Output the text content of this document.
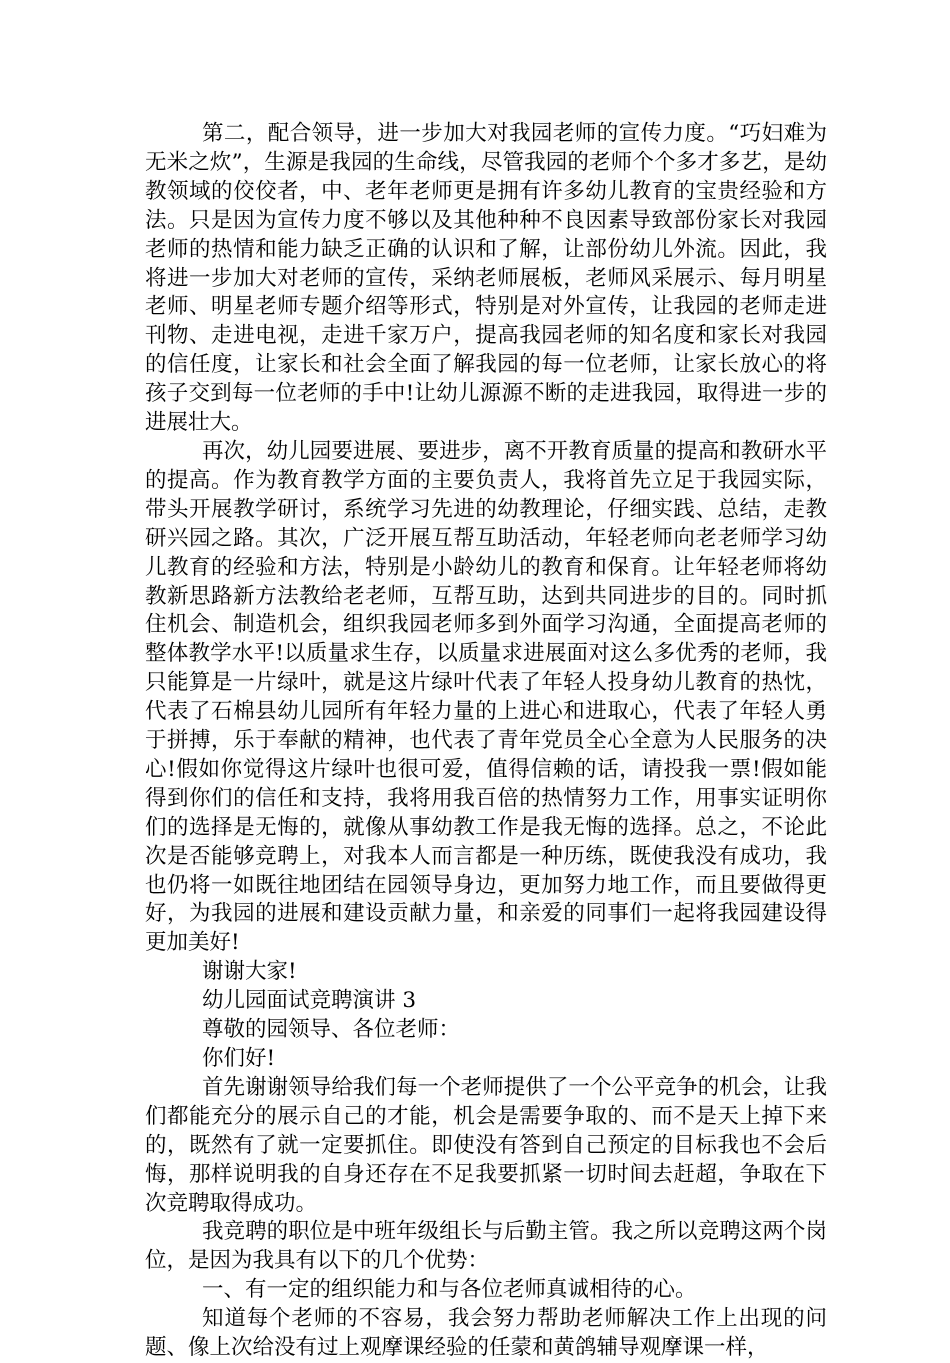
第二，配合领导，进一步加大对我园老师的宣传力度。“巧妇难为无米之炊”，生源是我园的生命线，尽管我园的老师个个多才多艺，是幼教领域的佼佼者，中、老年老师更是拥有许多幼儿教育的宝贵经验和方法。只是因为宣传力度不够以及其他种种不良因素导致部份家长对我园老师的热情和能力缺乏正确的认识和了解，让部份幼儿外流。因此，我将进一步加大对老师的宣传，采纳老师展板，老师风采展示、每月明星老师、明星老师专题介绍等形式，特别是对外宣传，让我园的老师走进刊物、走进电视，走进千家万户，提高我园老师的知名度和家长对我园的信任度，让家长和社会全面了解我园的每一位老师，让家长放心的将孩子交到每一位老师的手中!让幼儿源源不断的走进我园，取得进一步的进展壮大。

再次，幼儿园要进展、要进步，离不开教育质量的提高和教研水平的提高。作为教育教学方面的主要负责人，我将首先立足于我园实际，带头开展教学研讨，系统学习先进的幼教理论，仔细实践、总结，走教研兴园之路。其次，广泛开展互帮互助活动，年轻老师向老老师学习幼儿教育的经验和方法，特别是小龄幼儿的教育和保育。让年轻老师将幼教新思路新方法教给老老师，互帮互助，达到共同进步的目的。同时抓住机会、制造机会，组织我园老师多到外面学习沟通，全面提高老师的整体教学水平!以质量求生存，以质量求进展面对这么多优秀的老师，我只能算是一片绿叶，就是这片绿叶代表了年轻人投身幼儿教育的热忱，代表了石棉县幼儿园所有年轻力量的上进心和进取心，代表了年轻人勇于拼搏，乐于奉献的精神，也代表了青年党员全心全意为人民服务的决心!假如你觉得这片绿叶也很可爱，值得信赖的话，请投我一票!假如能得到你们的信任和支持，我将用我百倍的热情努力工作，用事实证明你们的选择是无悔的，就像从事幼教工作是我无悔的选择。总之，不论此次是否能够竞聘上，对我本人而言都是一种历练，既使我没有成功，我也仍将一如既往地团结在园领导身边，更加努力地工作，而且要做得更好，为我园的进展和建设贡献力量，和亲爱的同事们一起将我园建设得更加美好!

谢谢大家!

幼儿园面试竞聘演讲 3

尊敬的园领导、各位老师：

你们好!

首先谢谢领导给我们每一个老师提供了一个公平竞争的机会，让我们都能充分的展示自己的才能，机会是需要争取的、而不是天上掉下来的，既然有了就一定要抓住。即使没有答到自己预定的目标我也不会后悔，那样说明我的自身还存在不足我要抓紧一切时间去赶超，争取在下次竞聘取得成功。

我竞聘的职位是中班年级组长与后勤主管。我之所以竞聘这两个岗位，是因为我具有以下的几个优势：

一、有一定的组织能力和与各位老师真诚相待的心。

知道每个老师的不容易，我会努力帮助老师解决工作上出现的问题、像上次给没有过上观摩课经验的任蒙和黄鸽辅导观摩课一样，
